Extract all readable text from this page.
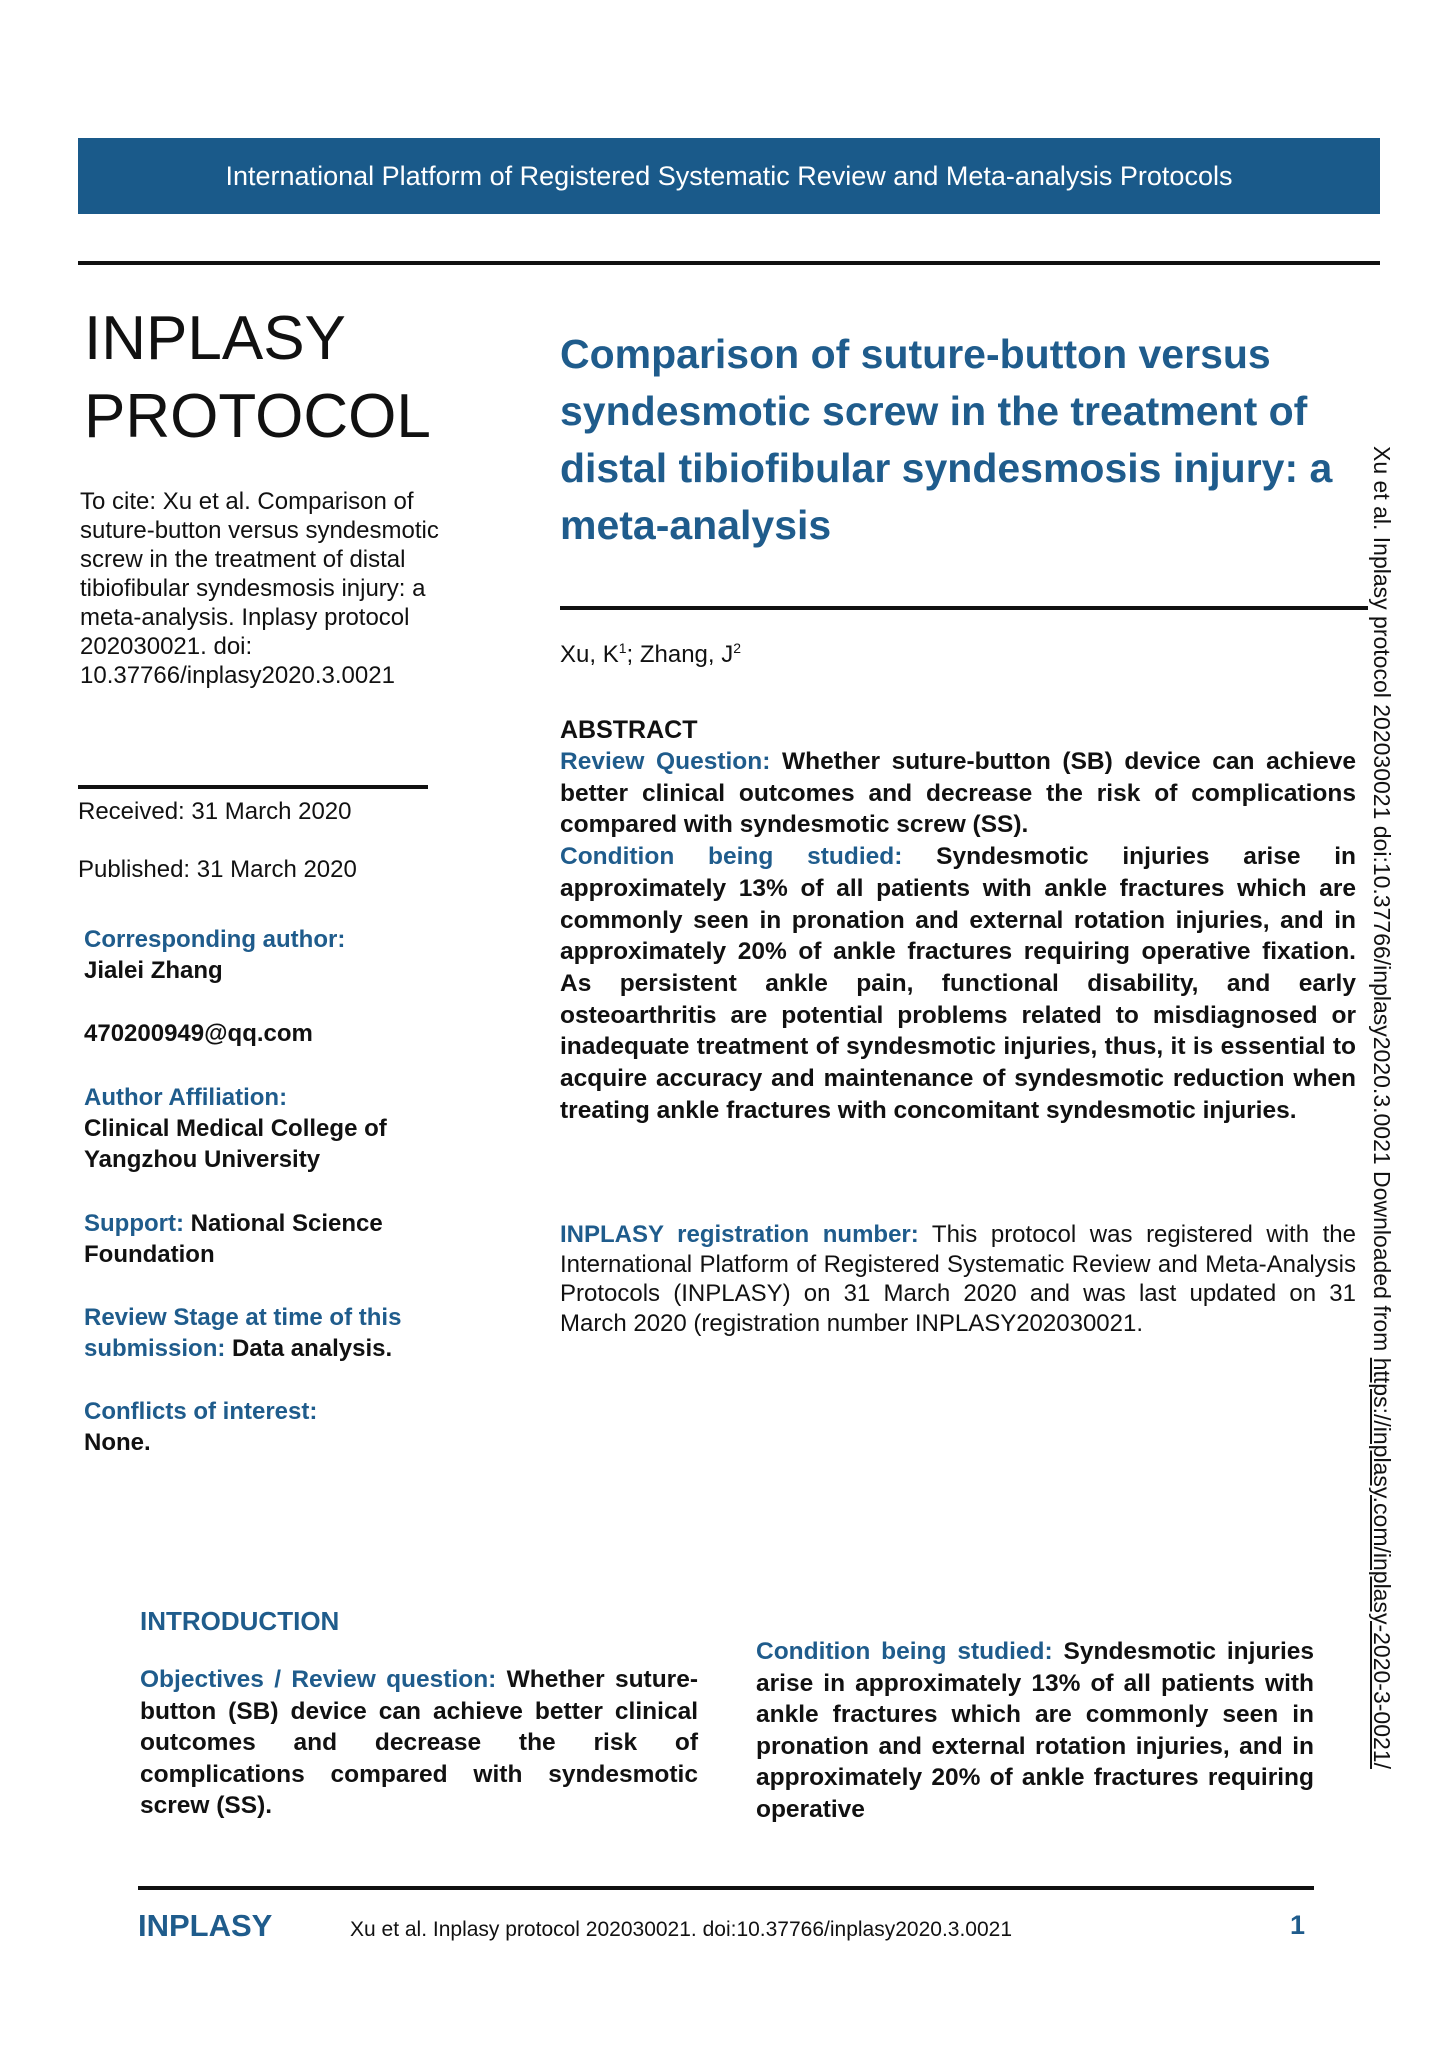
International Platform of Registered Systematic Review and Meta-analysis Protocols
INPLASY
PROTOCOL
To cite: Xu et al. Comparison of suture-button versus syndesmotic screw in the treatment of distal tibiofibular syndesmosis injury: a meta-analysis. Inplasy protocol 202030021. doi: 10.37766/inplasy2020.3.0021
Received: 31 March 2020
Published: 31 March 2020
Corresponding author:
Jialei Zhang
470200949@qq.com
Author Affiliation:
Clinical Medical College of Yangzhou University
Support: National Science Foundation
Review Stage at time of this submission: Data analysis.
Conflicts of interest:
None.
Comparison of suture-button versus syndesmotic screw in the treatment of distal tibiofibular syndesmosis injury: a meta-analysis
Xu, $K^1$; Zhang, $J^2$
ABSTRACT

Review Question: Whether suture-button (SB) device can achieve better clinical outcomes and decrease the risk of complications compared with syndesmotic screw (SS).

Condition being studied: Syndesmotic injuries arise in approximately 13% of all patients with ankle fractures which are commonly seen in pronation and external rotation injuries, and in approximately 20% of ankle fractures requiring operative fixation. As persistent ankle pain, functional disability, and early osteoarthritis are potential problems related to misdiagnosed or inadequate treatment of syndesmotic injuries, thus, it is essential to acquire accuracy and maintenance of syndesmotic reduction when treating ankle fractures with concomitant syndesmotic injuries.

INPLASY registration number: This protocol was registered with the International Platform of Registered Systematic Review and Meta-Analysis Protocols (INPLASY) on 31 March 2020 and was last updated on 31 March 2020 (registration number INPLASY202030021.	Xu et al. Inplasy protocol 202030021 doi:10.37766/inplasy2020.3.0021 Downloaded from https://inplasy.com/inplasy-2020-3-0021/
INTRODUCTION
Objectives / Review question: Whether suture-button (SB) device can achieve better clinical outcomes and decrease the risk of complications compared with syndesmotic screw (SS).
Condition being studied: Syndesmotic injuries arise in approximately 13% of all patients with ankle fractures which are commonly seen in pronation and external rotation injuries, and in approximately 20% of ankle fractures requiring operative
INPLASY	Xu et al. Inplasy protocol 202030021. doi:10.37766/inplasy2020.3.0021	1
